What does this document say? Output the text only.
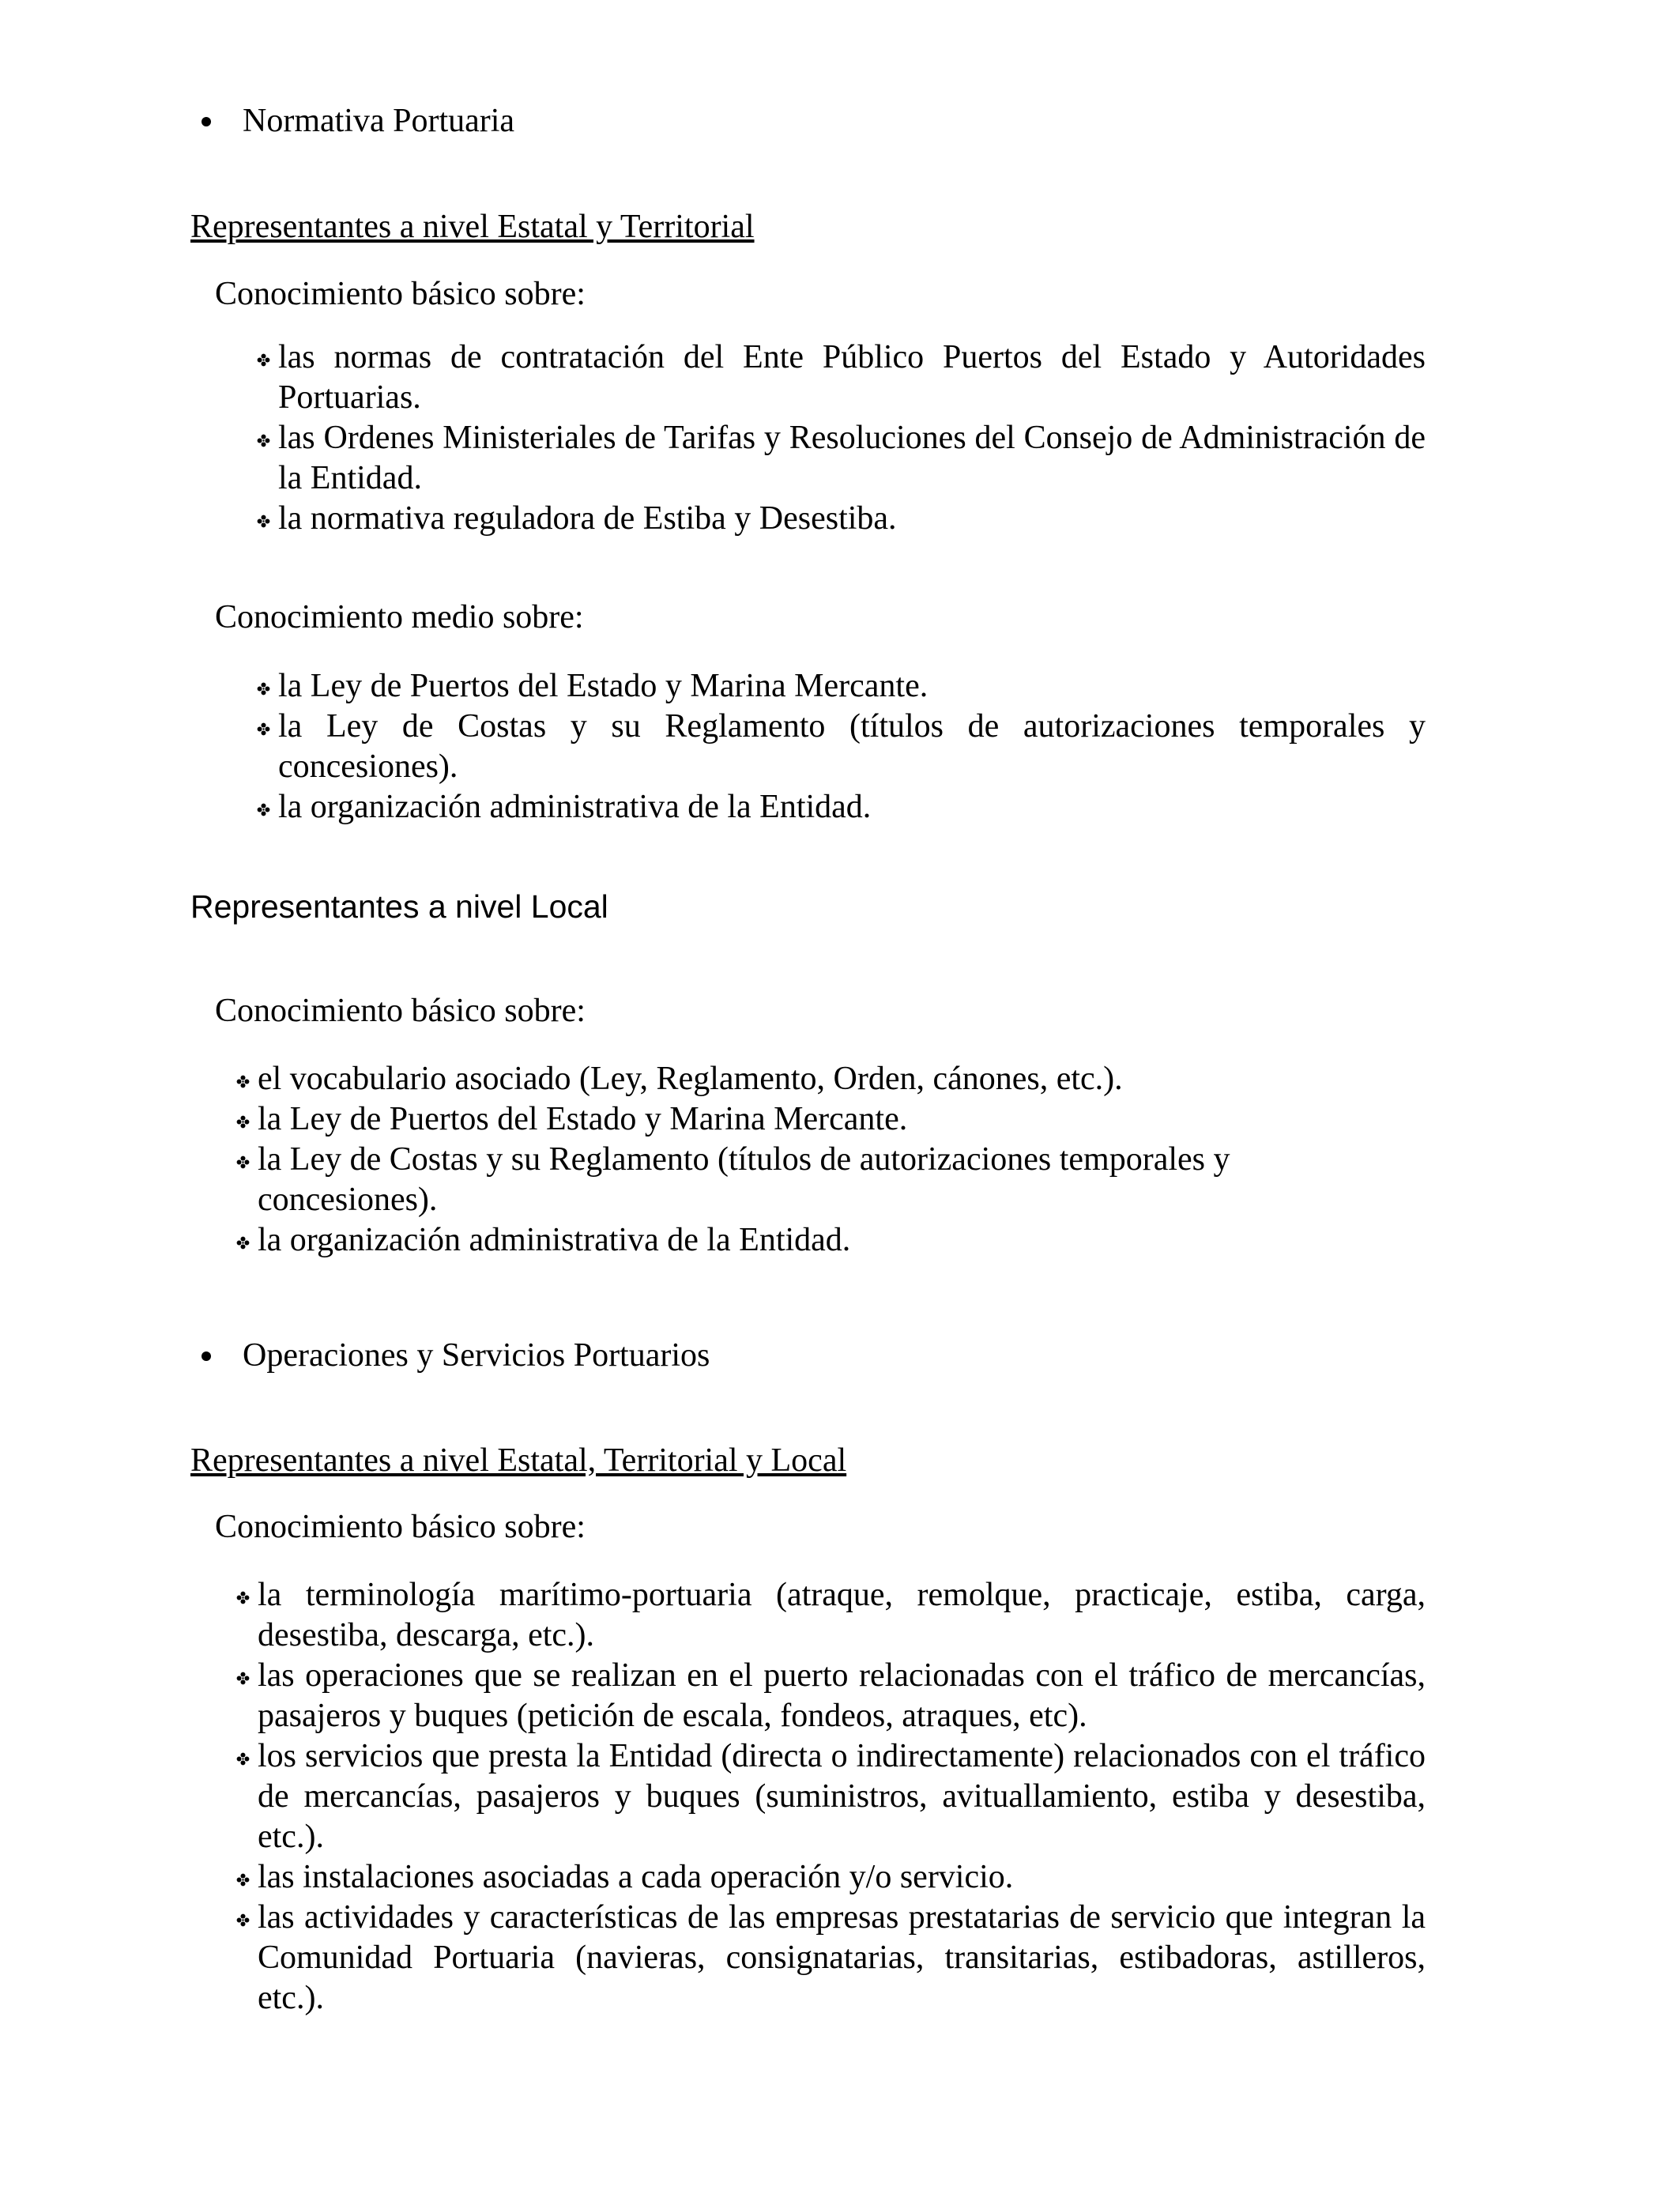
Normativa Portuaria
Representantes a nivel Estatal y Territorial
Conocimiento básico sobre:
las normas de contratación del Ente Público Puertos del Estado y Autoridades Portuarias.
las Ordenes Ministeriales de Tarifas y Resoluciones del Consejo de Administración de la Entidad.
la normativa reguladora de Estiba y Desestiba.
Conocimiento medio sobre:
la Ley de Puertos del Estado y Marina Mercante.
la Ley de Costas y su Reglamento (títulos de autorizaciones temporales y concesiones).
la organización administrativa de la Entidad.
Representantes a nivel Local
Conocimiento básico sobre:
el vocabulario asociado (Ley, Reglamento, Orden, cánones, etc.).
la Ley de Puertos del Estado y Marina Mercante.
la Ley de Costas y su Reglamento (títulos de autorizaciones temporales y concesiones).
la organización administrativa de la Entidad.
Operaciones y Servicios Portuarios
Representantes a nivel Estatal, Territorial y Local
Conocimiento básico sobre:
la terminología marítimo-portuaria (atraque, remolque, practicaje, estiba, carga, desestiba, descarga, etc.).
las operaciones que se realizan en el puerto relacionadas con el tráfico de mercancías, pasajeros y buques (petición de escala, fondeos, atraques, etc).
los servicios que presta la Entidad (directa o indirectamente) relacionados con el tráfico de mercancías, pasajeros y buques (suministros, avituallamiento, estiba y desestiba, etc.).
las instalaciones asociadas a cada operación y/o servicio.
las actividades y características de las empresas prestatarias de servicio que integran la Comunidad Portuaria (navieras, consignatarias, transitarias, estibadoras, astilleros, etc.).
